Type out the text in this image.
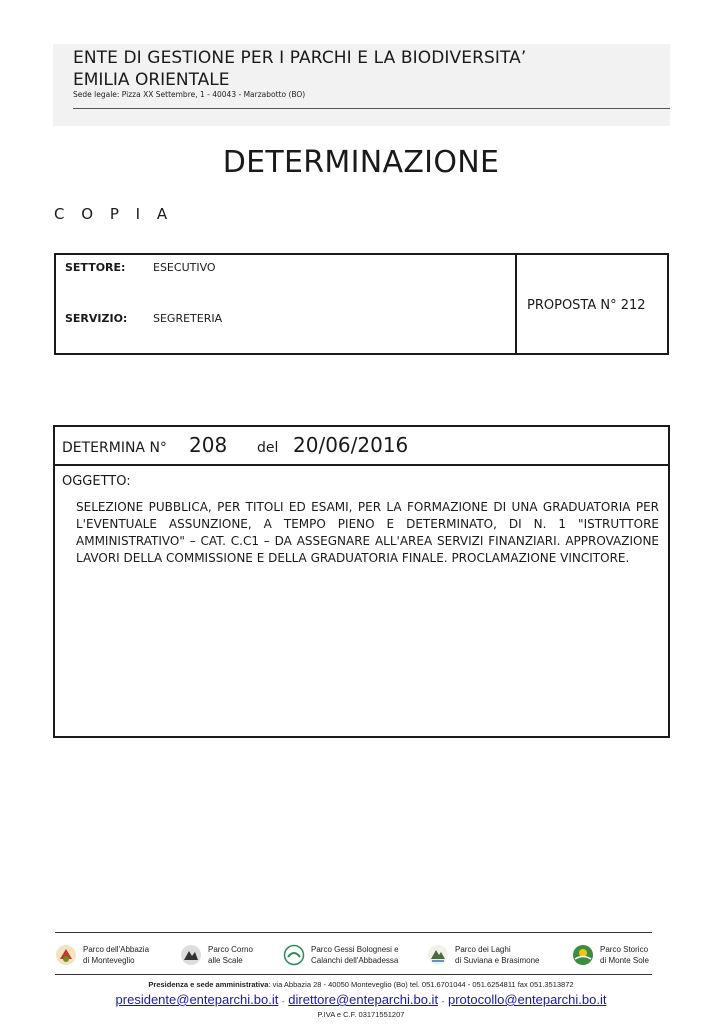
ENTE DI GESTIONE PER I PARCHI E LA BIODIVERSITA’
EMILIA ORIENTALE
Sede legale: Pizza XX Settembre, 1 - 40043 - Marzabotto (BO)
DETERMINAZIONE
C O P I A
SETTORE:	ESECUTIVO
SERVIZIO: SEGRETERIA
PROPOSTA N° 212
DETERMINA N° 208 del 20/06/2016
OGGETTO:
SELEZIONE PUBBLICA, PER TITOLI ED ESAMI, PER LA FORMAZIONE DI UNA GRADUATORIA PER L'EVENTUALE ASSUNZIONE, A TEMPO PIENO E DETERMINATO, DI N. 1 "ISTRUTTORE AMMINISTRATIVO" – CAT. C.C1 – DA ASSEGNARE ALL'AREA SERVIZI FINANZIARI. APPROVAZIONE LAVORI DELLA COMMISSIONE E DELLA GRADUATORIA FINALE. PROCLAMAZIONE VINCITORE.
Parco dell'Abbazia
di Monteveglio
Parco Corno
alle Scale
Parco Gessi Bolognesi e
Calanchi dell'Abbadessa
Parco dei Laghi
di Suviana e Brasimone
Parco Storico
di Monte Sole
Presidenza e sede amministrativa: via Abbazia 28 - 40050 Monteveglio (Bo) tel. 051.6701044 - 051.6254811 fax 051.3513872
presidente@enteparchi.bo.it - direttore@enteparchi.bo.it - protocollo@enteparchi.bo.it
P.IVA e C.F. 03171551207
